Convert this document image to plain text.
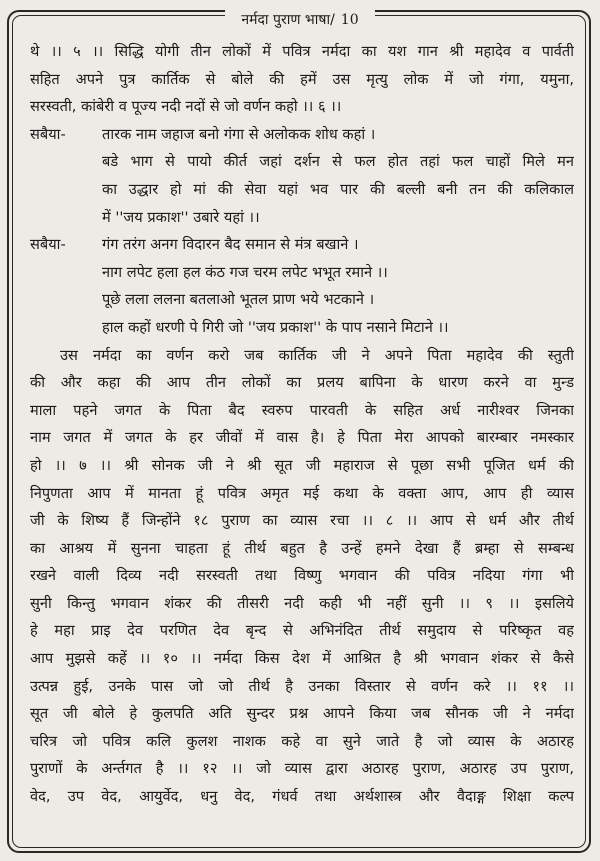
नर्मदा पुराण भाषा/ 10
थे ।। ५ ।। सिद्धि योगी तीन लोकों में पवित्र नर्मदा का यश गान श्री महादेव व पार्वती
सहित अपने पुत्र कार्तिक से बोले की हमें उस मृत्यु लोक में जो गंगा, यमुना,
सरस्वती, कांबेरी व पूज्य नदी नदों से जो वर्णन कहो ।। ६ ।।
सबैया-	तारक नाम जहाज बनो गंगा से अलोकक शोध कहां ।
बडे भाग से पायो कीर्त जहां दर्शन से फल होत तहां फल चाहों मिले मन
का उद्धार हो मां की सेवा यहां भव पार की बल्ली बनी तन की कलिकाल
में ''जय प्रकाश'' उबारे यहां ।।
सबैया-	गंग तरंग अनग विदारन बैद समान से मंत्र बखाने ।
नाग लपेट हला हल कंठ गज चरम लपेट भभूत रमाने ।।
पूछे लला ललना बतलाओ भूतल प्राण भये भटकाने ।
हाल कहों धरणी पे गिरी जो ''जय प्रकाश'' के पाप नसाने मिटाने ।।
उस नर्मदा का वर्णन करो जब कार्तिक जी ने अपने पिता महादेव की स्तुती
की और कहा की आप तीन लोकों का प्रलय बापिना के धारण करने वा मुन्ड
माला पहने जगत के पिता बैद स्वरुप पारवती के सहित अर्ध नारीश्वर जिनका
नाम जगत में जगत के हर जीवों में वास है। हे पिता मेरा आपको बारम्बार नमस्कार
हो ।। ७ ।। श्री सोनक जी ने श्री सूत जी महाराज से पूछा सभी पूजित धर्म की
निपुणता आप में मानता हूं पवित्र अमृत मई कथा के वक्ता आप, आप ही व्यास
जी के शिष्य हैं जिन्होंने १८ पुराण का व्यास रचा ।। ८ ।। आप से धर्म और तीर्थ
का आश्रय में सुनना चाहता हूं तीर्थ बहुत है उन्हें हमने देखा हैं ब्रम्हा से सम्बन्ध
रखने वाली दिव्य नदी सरस्वती तथा विष्णु भगवान की पवित्र नदिया गंगा भी
सुनी किन्तु भगवान शंकर की तीसरी नदी कही भी नहीं सुनी ।। ९ ।। इसलिये
हे महा प्राइ देव परणित देव बृन्द से अभिनंदित तीर्थ समुदाय से परिष्कृत वह
आप मुझसे कहें ।। १० ।। नर्मदा किस देश में आश्रित है श्री भगवान शंकर से कैसे
उत्पन्न हुई, उनके पास जो जो तीर्थ है उनका विस्तार से वर्णन करे ।। ११ ।।
सूत जी बोले हे कुलपति अति सुन्दर प्रश्न आपने किया जब सौनक जी ने नर्मदा
चरित्र जो पवित्र कलि कुलश नाशक कहे वा सुने जाते है जो व्यास के अठारह
पुराणों के अर्न्तगत है ।। १२ ।। जो व्यास द्वारा अठारह पुराण, अठारह उप पुराण,
वेद, उप वेद, आयुर्वेद, धनु वेद, गंधर्व तथा अर्थशास्त्र और वैदाङ्ग शिक्षा कल्प
